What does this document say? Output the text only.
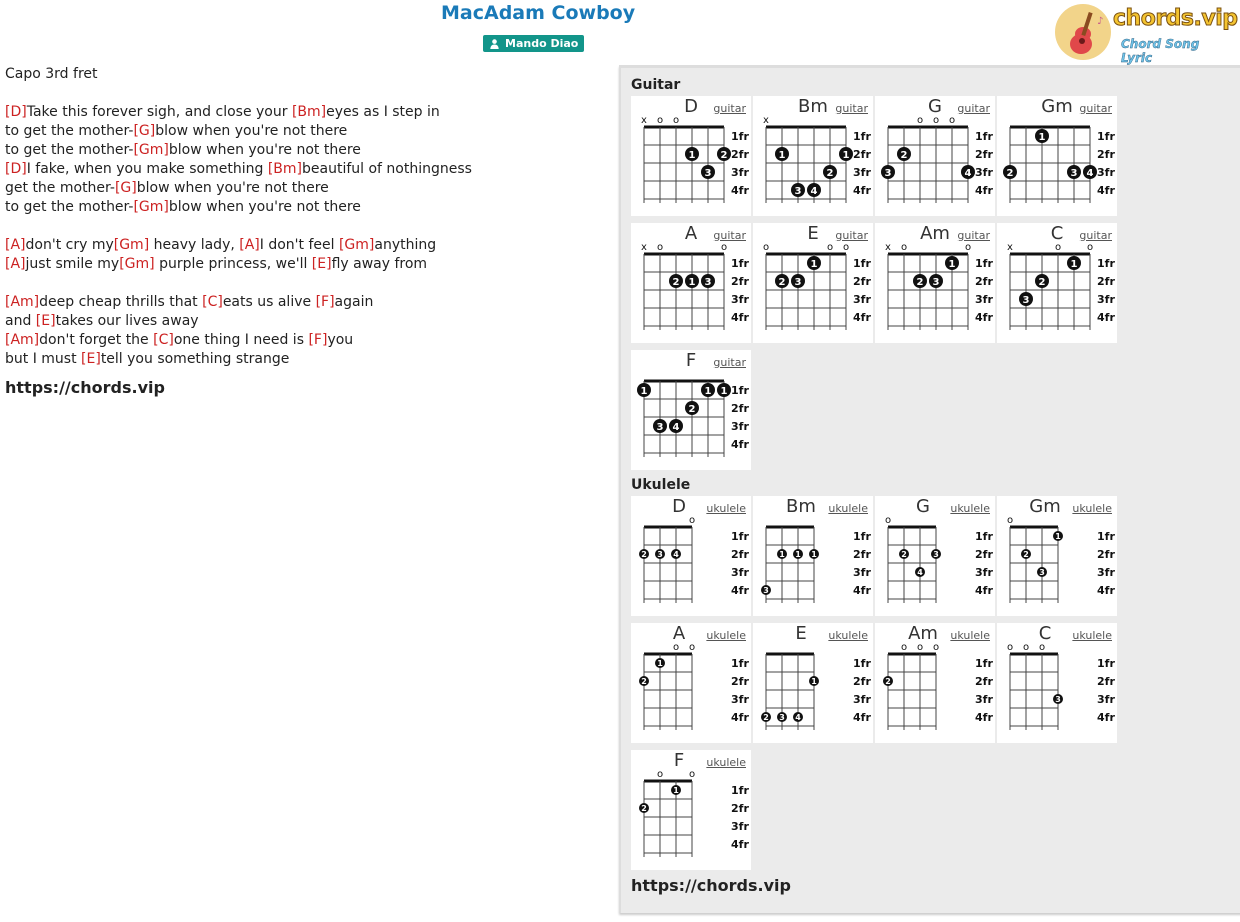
MacAdam Cowboy
Mando Diao
♪ chords.vip
Chord Song Lyric
Capo 3rd fret
[D]Take this forever sigh, and close your [Bm]eyes as I step in
to get the mother-[G]blow when you're not there
to get the mother-[Gm]blow when you're not there
[D]I fake, when you make something [Bm]beautiful of nothingness
get the mother-[G]blow when you're not there
to get the mother-[Gm]blow when you're not there
[A]don't cry my[Gm] heavy lady, [A]I don't feel [Gm]anything
[A]just smile my[Gm] purple princess, we'll [E]fly away from
[Am]deep cheap thrills that [C]eats us alive [F]again
and [E]takes our lives away
[Am]don't forget the [C]one thing I need is [F]you
but I must [E]tell you something strange
https://chords.vip
Guitar
1fr
2fr
3fr
4fr
x o o
1	2
3
D	guitar
1fr
2fr
3fr
4fr
x
1	1
2
3 4
Bm guitar
1fr
2fr
3fr
4fr
o o o
2
3	4
G	guitar
1fr
2fr
3fr
4fr
1
2	3 4
Gm guitar
1fr
2fr
3fr
4fr
x o	o
2 1 3
A	guitar
1fr
2fr
3fr
4fr
o	o o
1
2 3
E	guitar
1fr
2fr
3fr
4fr
x o	o
1
2 3
Am guitar
1fr
2fr
3fr
4fr
x	o	o
1
2
3
C	guitar
1fr
2fr
3fr
4fr
1	1 1
2
3 4
F	guitar
Ukulele
1fr
2fr
3fr
4fr
o
2 3 4
D	ukulele
1fr
2fr
3fr
4fr
1 1 1
3
Bm	ukulele
1fr
2fr
3fr
4fr
o
2	3
4
G	ukulele
1fr
2fr
3fr
4fr
o
1
2
3
Gm	ukulele
1fr
2fr
3fr
4fr
o o
1
2
A	ukulele
1fr
2fr
3fr
4fr
1
2 3 4
E	ukulele
1fr
2fr
3fr
4fr
o o o
2
Am	ukulele
1fr
2fr
3fr
4fr
o o o
3
C	ukulele
1fr
2fr
3fr
4fr
o	o
1
2
F	ukulele
https://chords.vip
